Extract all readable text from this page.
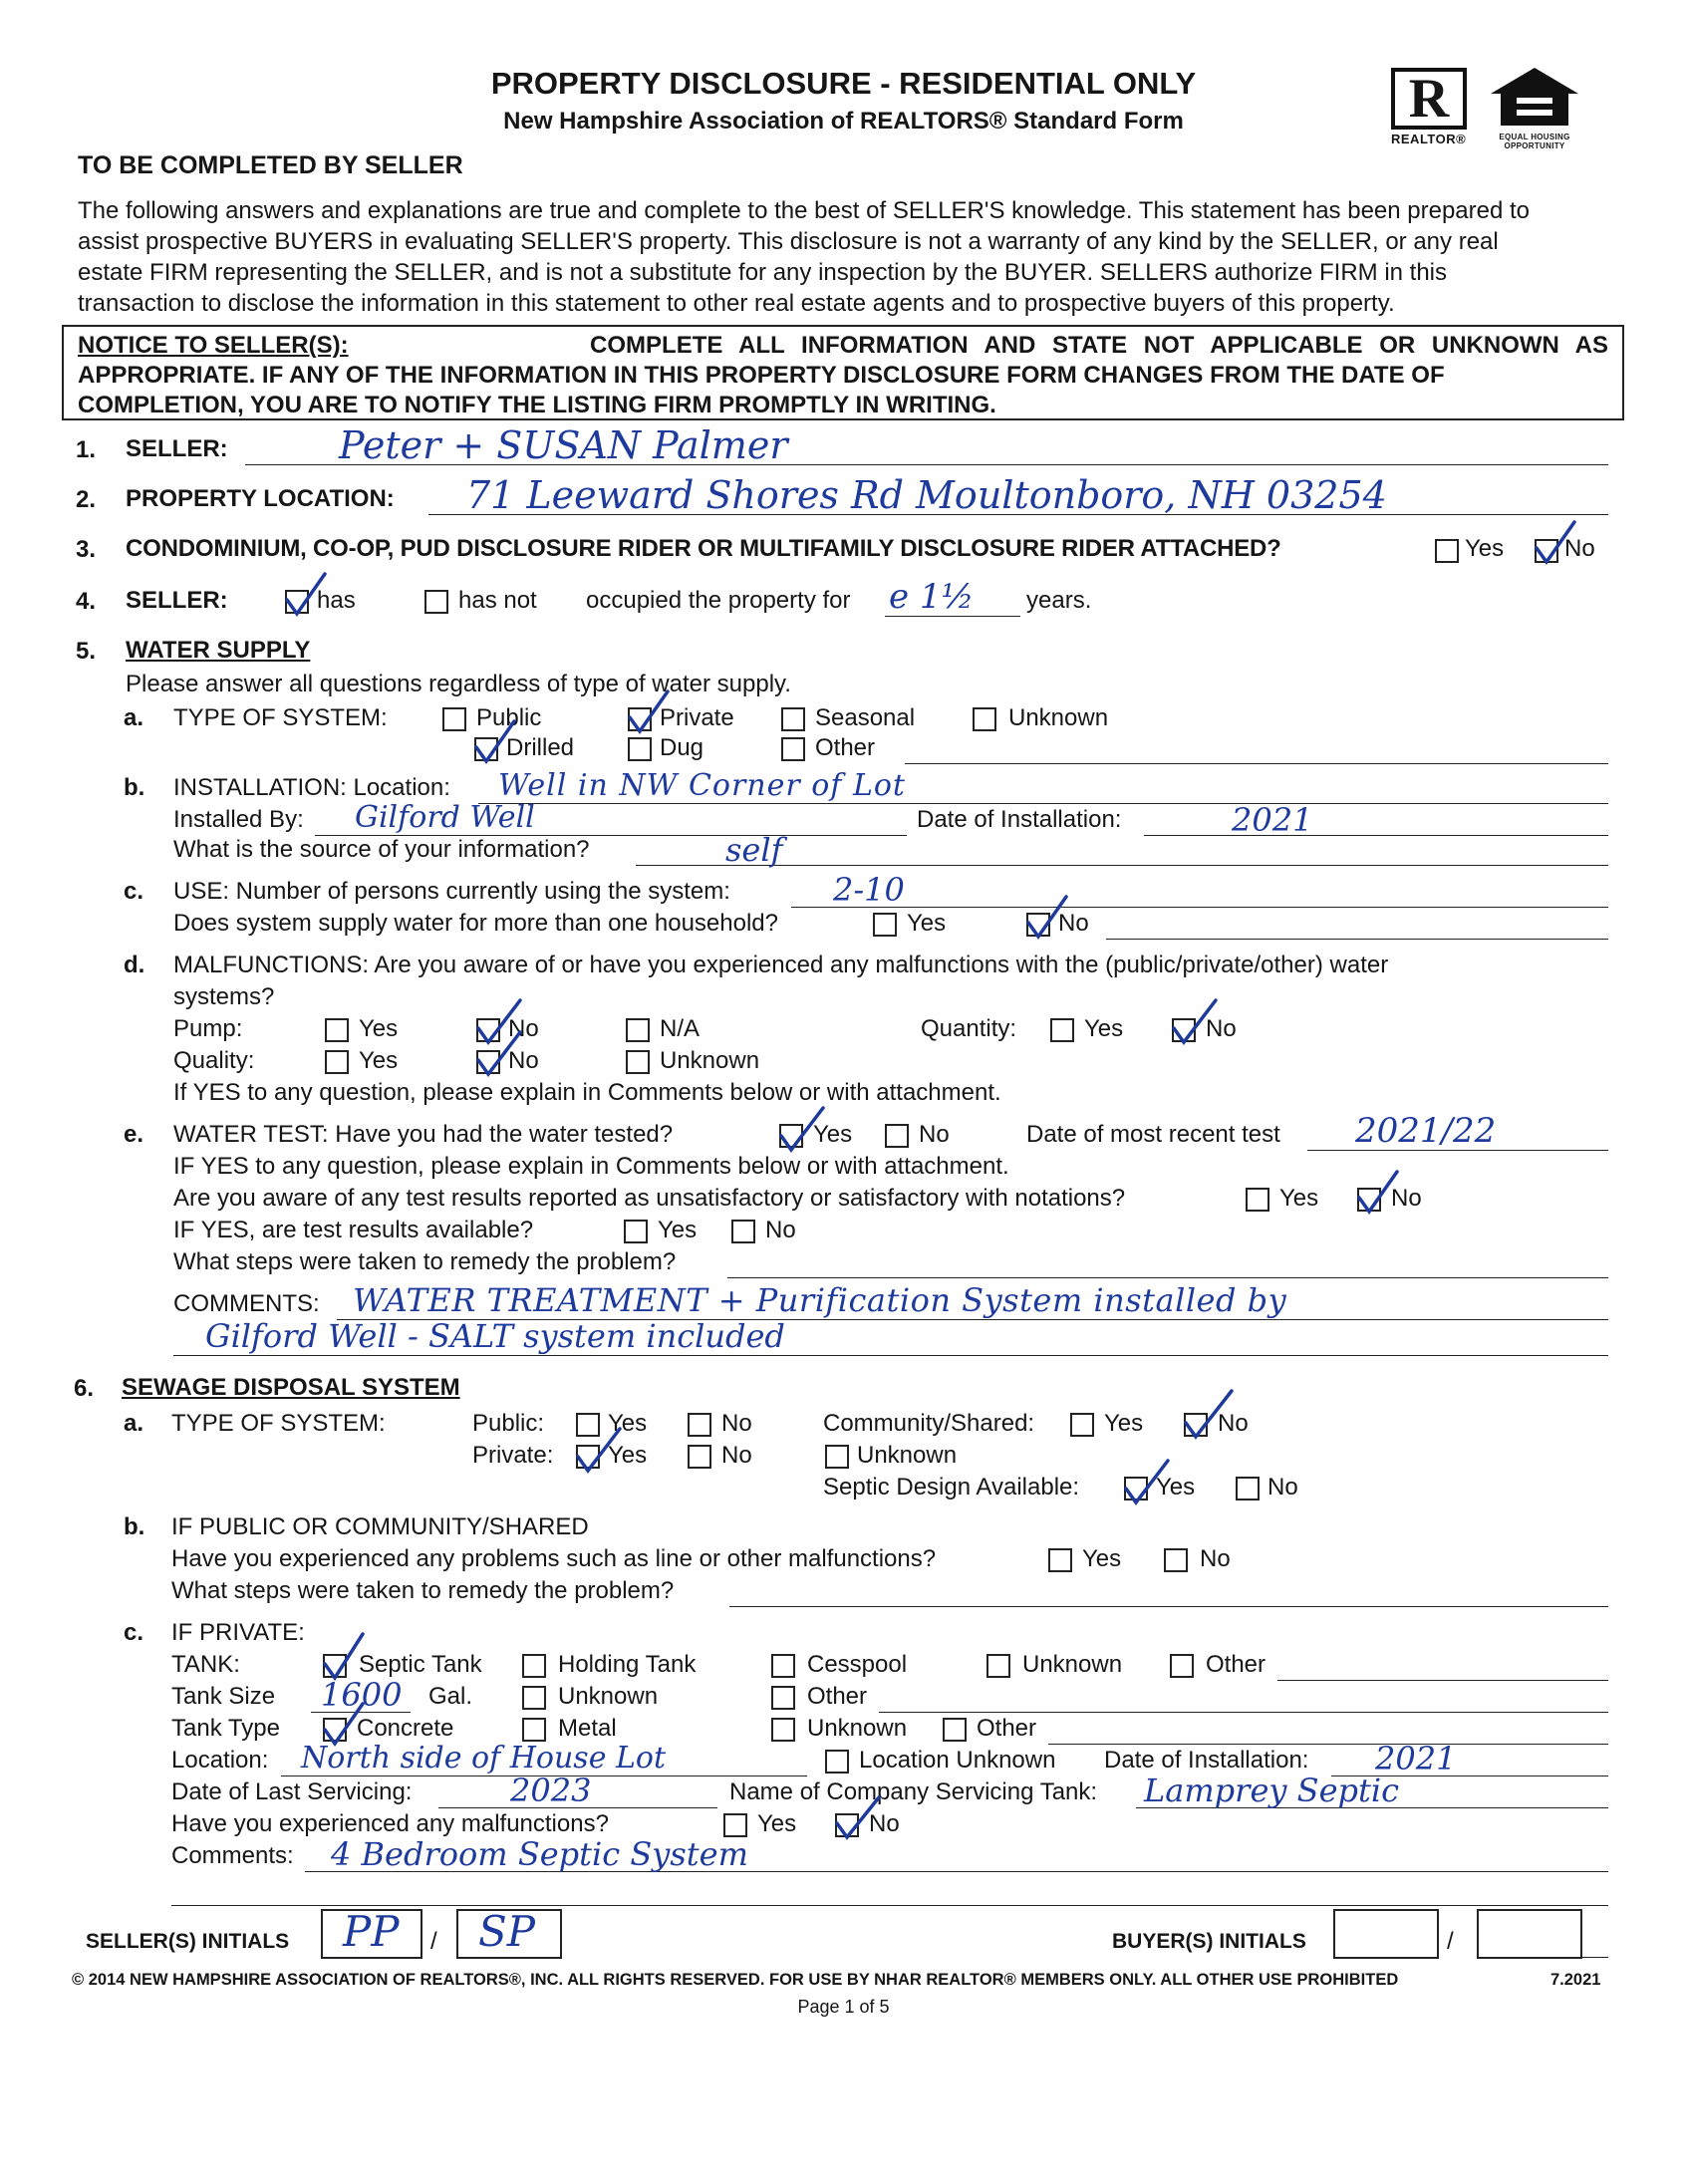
PROPERTY DISCLOSURE - RESIDENTIAL ONLY
New Hampshire Association of REALTORS® Standard Form	R
REALTOR®	EQUAL HOUSING
OPPORTUNITY
TO BE COMPLETED BY SELLER
The following answers and explanations are true and complete to the best of SELLER'S knowledge. This statement has been prepared to
assist prospective BUYERS in evaluating SELLER'S property. This disclosure is not a warranty of any kind by the SELLER, or any real
estate FIRM representing the SELLER, and is not a substitute for any inspection by the BUYER. SELLERS authorize FIRM in this
transaction to disclose the information in this statement to other real estate agents and to prospective buyers of this property.
NOTICE TO SELLER(S):	COMPLETE ALL INFORMATION AND STATE NOT APPLICABLE OR UNKNOWN AS
APPROPRIATE. IF ANY OF THE INFORMATION IN THIS PROPERTY DISCLOSURE FORM CHANGES FROM THE DATE OF
COMPLETION, YOU ARE TO NOTIFY THE LISTING FIRM PROMPTLY IN WRITING.
1. SELLER:	Peter + SUSAN Palmer
2. PROPERTY LOCATION: 71 Leeward Shores Rd Moultonboro, NH 03254
3. CONDOMINIUM, CO-OP, PUD DISCLOSURE RIDER OR MULTIFAMILY DISCLOSURE RIDER ATTACHED?	Yes	No
4. SELLER:	has	has not occupied the property for e 1½ years.
5. WATER SUPPLY
Please answer all questions regardless of type of water supply.
a. TYPE OF SYSTEM:	Public	Private	Seasonal	Unknown
Drilled	Dug	Other
b. INSTALLATION: Location: Well in NW Corner of Lot
Installed By: Gilford Well	Date of Installation:	2021
What is the source of your information?	self
c. USE: Number of persons currently using the system:	2-10
Does system supply water for more than one household?	Yes	No
d. MALFUNCTIONS: Are you aware of or have you experienced any malfunctions with the (public/private/other) water
systems?
Pump:	Yes	No	N/A	Quantity:	Yes	No
Quality:	Yes	No	Unknown
If YES to any question, please explain in Comments below or with attachment.
e. WATER TEST: Have you had the water tested?	Yes	No	Date of most recent test 2021/22
IF YES to any question, please explain in Comments below or with attachment.
Are you aware of any test results reported as unsatisfactory or satisfactory with notations?	Yes	No
IF YES, are test results available?	Yes	No
What steps were taken to remedy the problem?
COMMENTS: WATER TREATMENT + Purification System installed by
Gilford Well - SALT system included
6. SEWAGE DISPOSAL SYSTEM
a. TYPE OF SYSTEM:	Public:	Yes	No	Community/Shared:	Yes	No
Private: Yes	No	Unknown
Septic Design Available:	Yes	No
b. IF PUBLIC OR COMMUNITY/SHARED
Have you experienced any problems such as line or other malfunctions?	Yes	No
What steps were taken to remedy the problem?
c. IF PRIVATE:
TANK:	Septic Tank	Holding Tank	Cesspool	Unknown	Other
Tank Size 1600 Gal.	Unknown	Other
Tank Type	Concrete	Metal	Unknown	Other
Location: North side of House Lot	Location Unknown Date of Installation: 2021
Date of Last Servicing:	2023	Name of Company Servicing Tank: Lamprey Septic
Have you experienced any malfunctions?	Yes	No
Comments: 4 Bedroom Septic System
SELLER(S) INITIALS PP / SP	BUYER(S) INITIALS	/
© 2014 NEW HAMPSHIRE ASSOCIATION OF REALTORS®, INC. ALL RIGHTS RESERVED. FOR USE BY NHAR REALTOR® MEMBERS ONLY. ALL OTHER USE PROHIBITED	7.2021
Page 1 of 5
